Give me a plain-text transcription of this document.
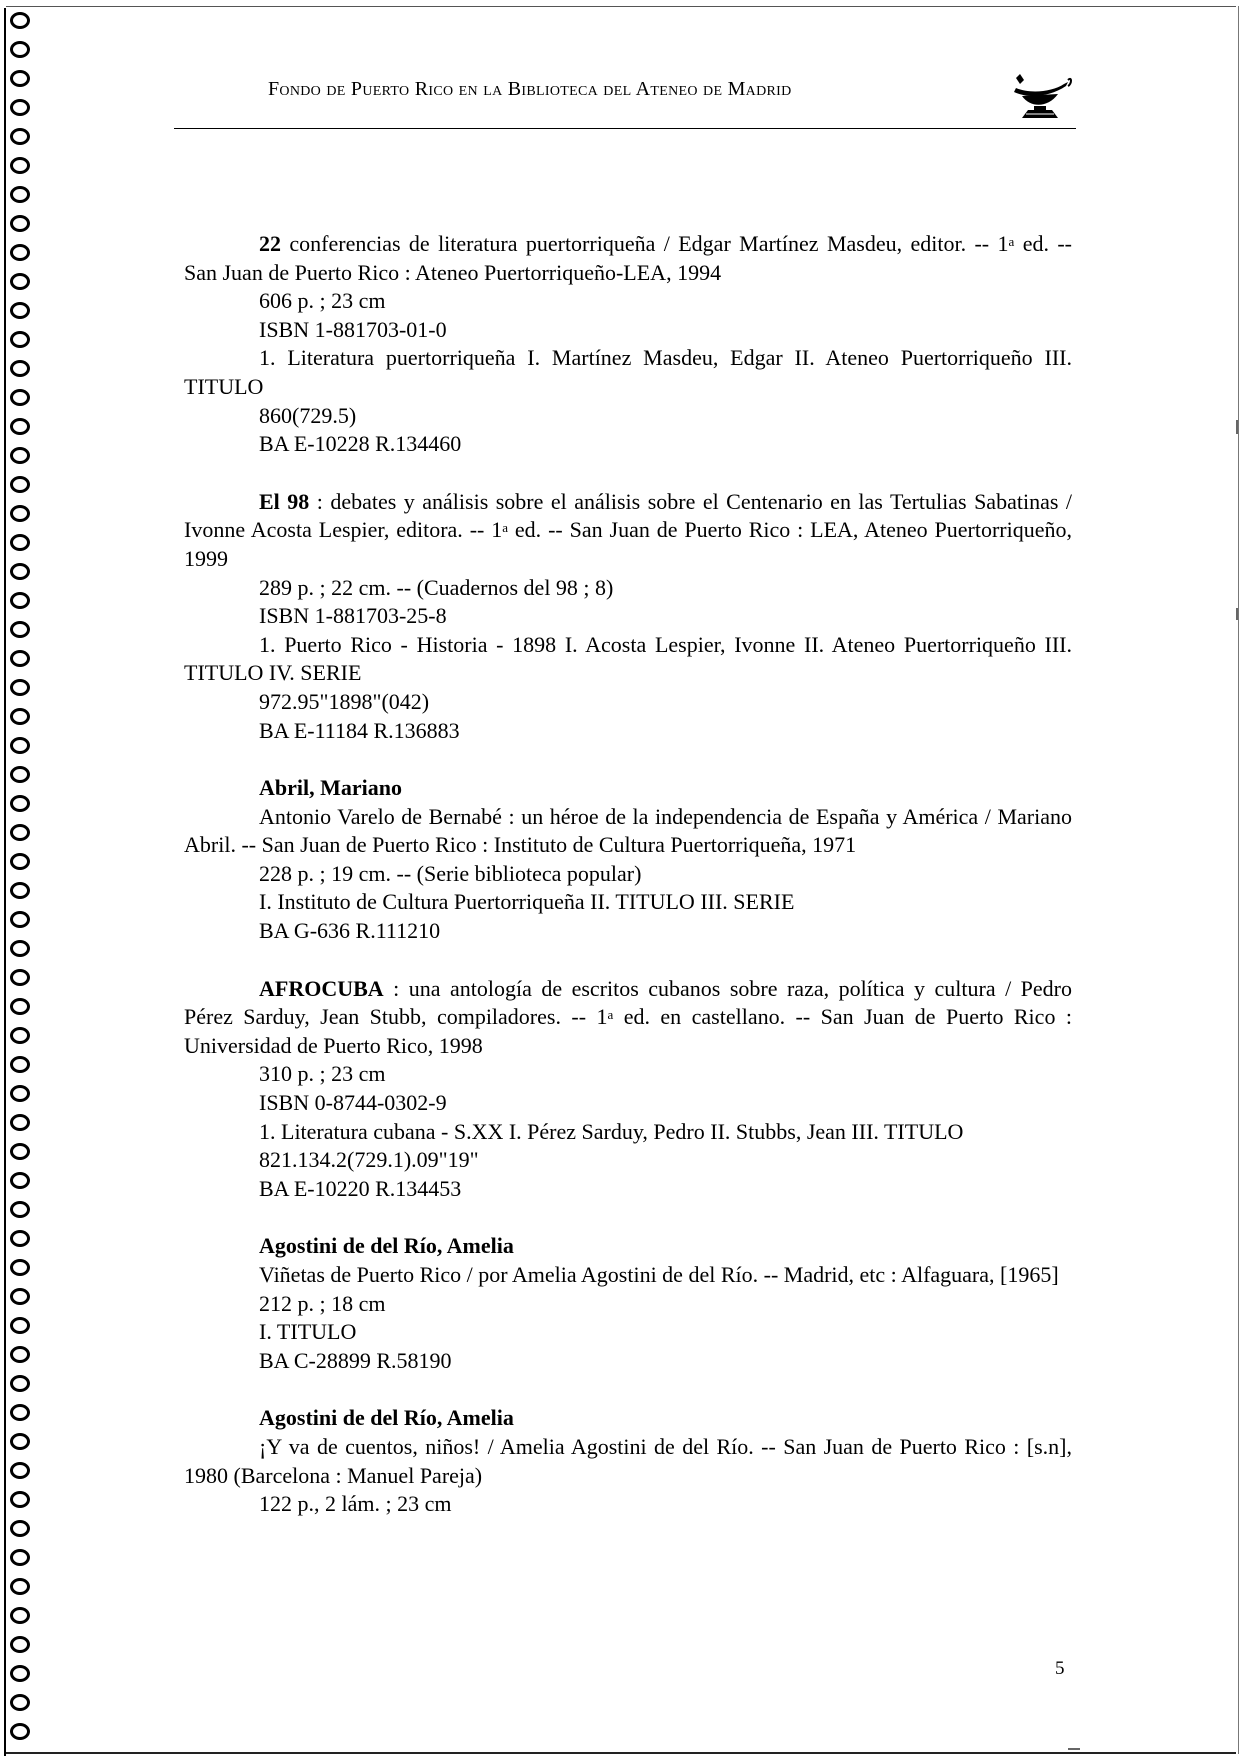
Fondo de Puerto Rico en la Biblioteca del Ateneo de Madrid

22 conferencias de literatura puertorriqueña / Edgar Martínez Masdeu, editor. -- 1$^a$ ed. -- San Juan de Puerto Rico : Ateneo Puertorriqueño-LEA, 1994

606 p. ; 23 cm

ISBN 1-881703-01-0

1. Literatura puertorriqueña I. Martínez Masdeu, Edgar II. Ateneo Puertorriqueño III. TITULO

860(729.5)

BA E-10228 R.134460

El 98 : debates y análisis sobre el análisis sobre el Centenario en las Tertulias Sabatinas / Ivonne Acosta Lespier, editora. -- 1$^a$ ed. -- San Juan de Puerto Rico : LEA, Ateneo Puertorriqueño, 1999

289 p. ; 22 cm. -- (Cuadernos del 98 ; 8)

ISBN 1-881703-25-8

1. Puerto Rico - Historia - 1898 I. Acosta Lespier, Ivonne II. Ateneo Puertorriqueño III. TITULO IV. SERIE

972.95"1898"(042)

BA E-11184 R.136883

Abril, Mariano

Antonio Varelo de Bernabé : un héroe de la independencia de España y América / Mariano Abril. -- San Juan de Puerto Rico : Instituto de Cultura Puertorriqueña, 1971

228 p. ; 19 cm. -- (Serie biblioteca popular)

I. Instituto de Cultura Puertorriqueña II. TITULO III. SERIE

BA G-636 R.111210

AFROCUBA : una antología de escritos cubanos sobre raza, política y cultura / Pedro Pérez Sarduy, Jean Stubb, compiladores. -- 1$^a$ ed. en castellano. -- San Juan de Puerto Rico : Universidad de Puerto Rico, 1998

310 p. ; 23 cm

ISBN 0-8744-0302-9

1. Literatura cubana - S.XX I. Pérez Sarduy, Pedro II. Stubbs, Jean III. TITULO

821.134.2(729.1).09"19"

BA E-10220 R.134453

Agostini de del Río, Amelia

Viñetas de Puerto Rico / por Amelia Agostini de del Río. -- Madrid, etc : Alfaguara, [1965]

212 p. ; 18 cm

I. TITULO

BA C-28899 R.58190

Agostini de del Río, Amelia

¡Y va de cuentos, niños! / Amelia Agostini de del Río. -- San Juan de Puerto Rico : [s.n], 1980 (Barcelona : Manuel Pareja)

122 p., 2 lám. ; 23 cm

5
